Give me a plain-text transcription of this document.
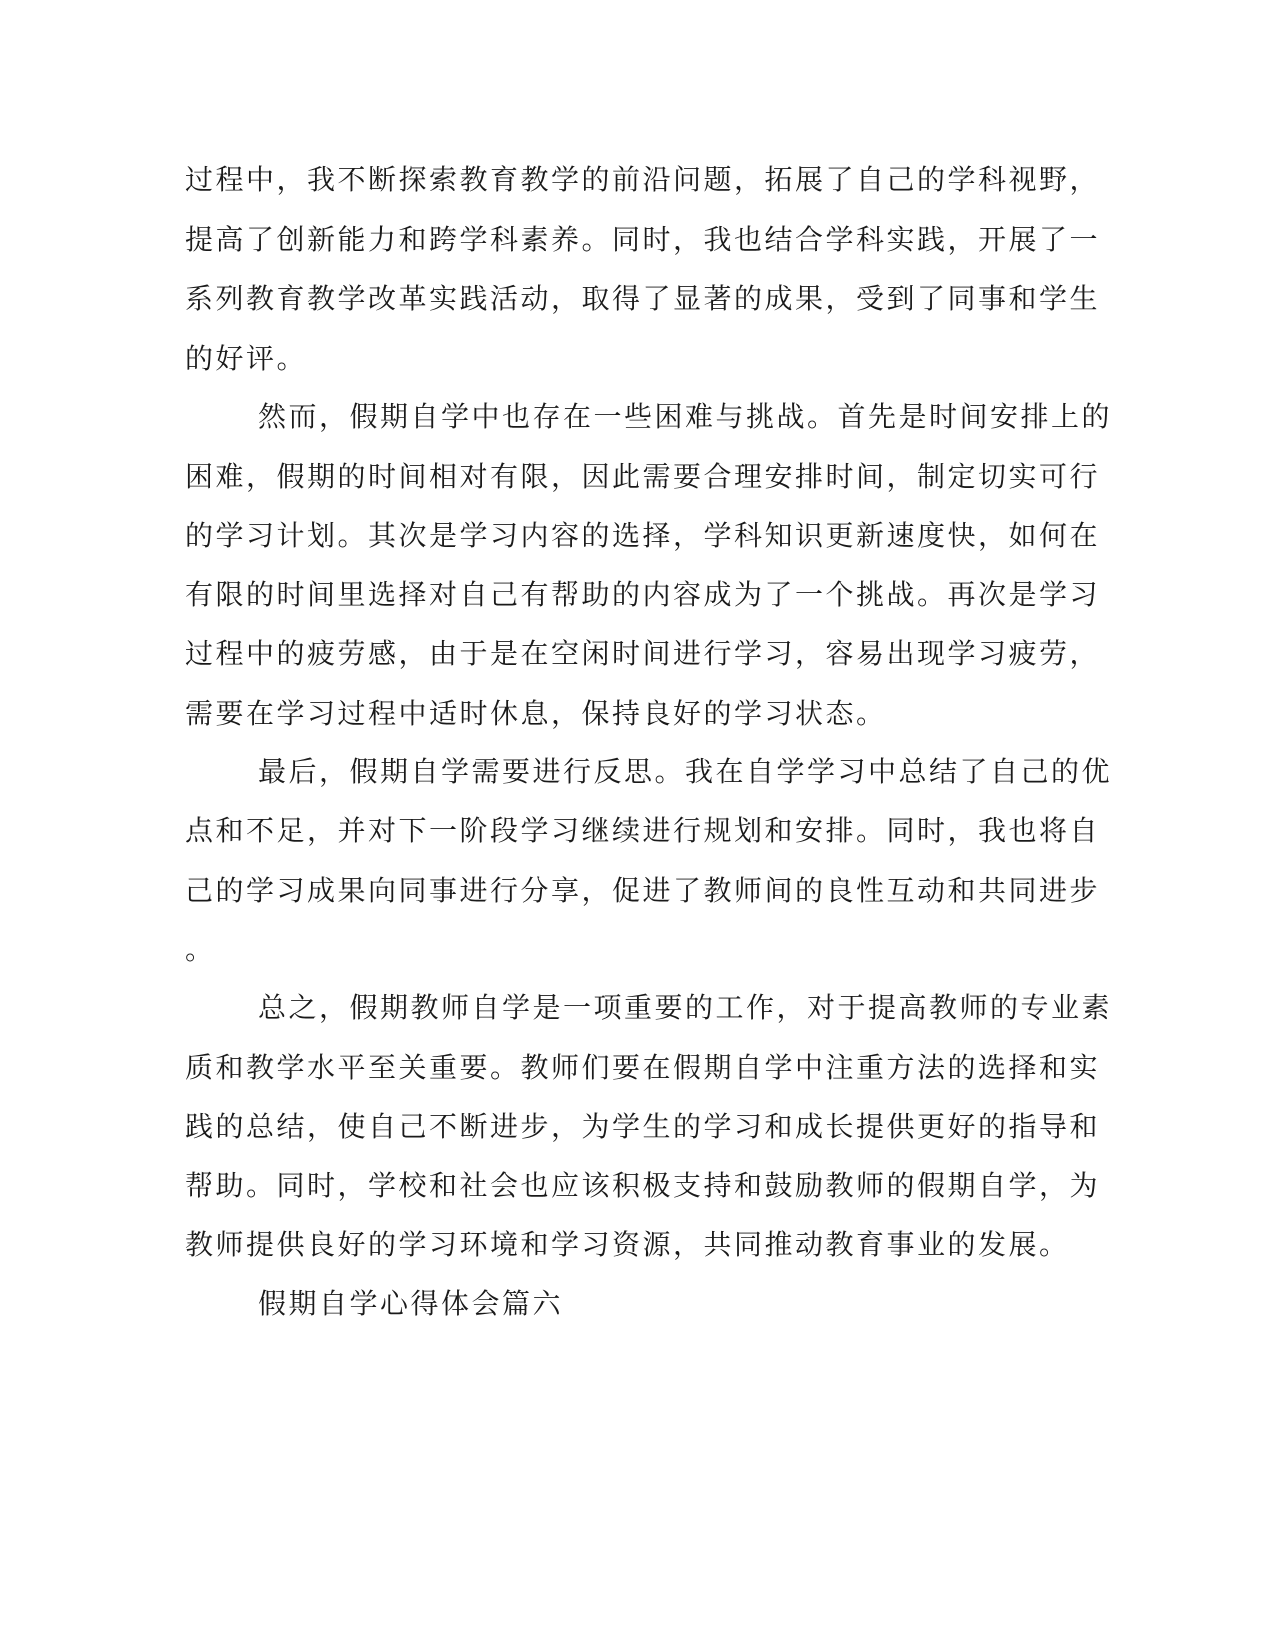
过程中，我不断探索教育教学的前沿问题，拓展了自己的学科视野，
提高了创新能力和跨学科素养。同时，我也结合学科实践，开展了一
系列教育教学改革实践活动，取得了显著的成果，受到了同事和学生
的好评。
然而，假期自学中也存在一些困难与挑战。首先是时间安排上的
困难，假期的时间相对有限，因此需要合理安排时间，制定切实可行
的学习计划。其次是学习内容的选择，学科知识更新速度快，如何在
有限的时间里选择对自己有帮助的内容成为了一个挑战。再次是学习
过程中的疲劳感，由于是在空闲时间进行学习，容易出现学习疲劳，
需要在学习过程中适时休息，保持良好的学习状态。
最后，假期自学需要进行反思。我在自学学习中总结了自己的优
点和不足，并对下一阶段学习继续进行规划和安排。同时，我也将自
己的学习成果向同事进行分享，促进了教师间的良性互动和共同进步
。
总之，假期教师自学是一项重要的工作，对于提高教师的专业素
质和教学水平至关重要。教师们要在假期自学中注重方法的选择和实
践的总结，使自己不断进步，为学生的学习和成长提供更好的指导和
帮助。同时，学校和社会也应该积极支持和鼓励教师的假期自学，为
教师提供良好的学习环境和学习资源，共同推动教育事业的发展。
假期自学心得体会篇六
